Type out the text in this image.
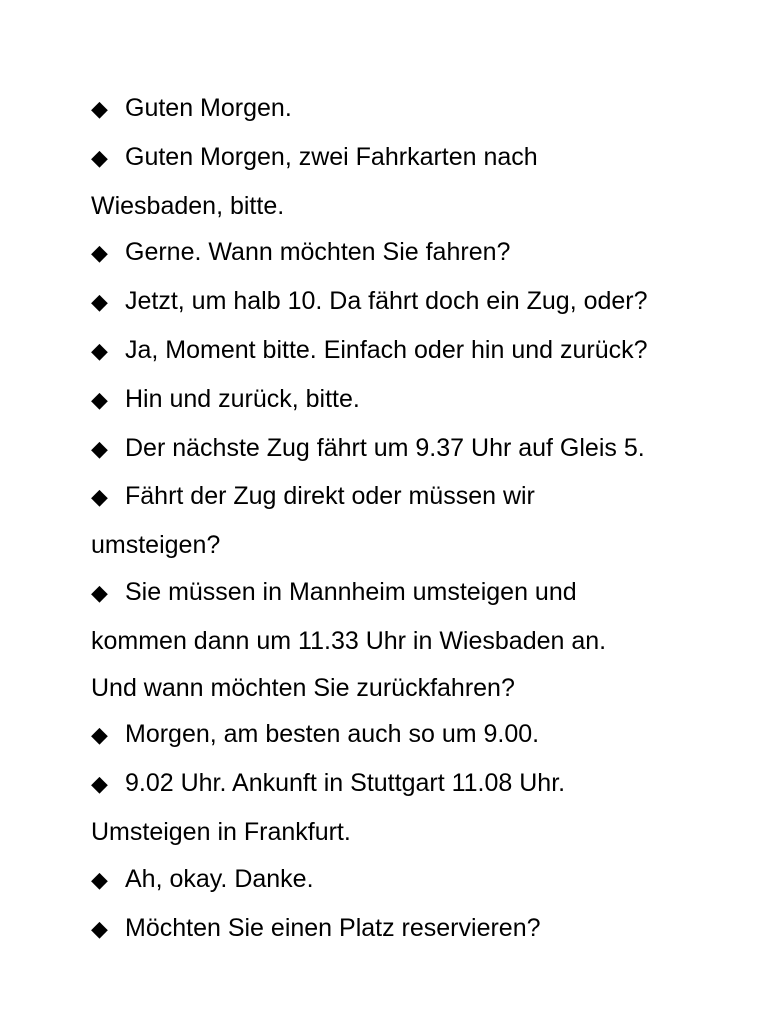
◆ Guten Morgen.
◆ Guten Morgen, zwei Fahrkarten nach
Wiesbaden, bitte.
◆ Gerne. Wann möchten Sie fahren?
◆ Jetzt, um halb 10. Da fährt doch ein Zug, oder?
◆ Ja, Moment bitte. Einfach oder hin und zurück?
◆ Hin und zurück, bitte.
◆ Der nächste Zug fährt um 9.37 Uhr auf Gleis 5.
◆ Fährt der Zug direkt oder müssen wir
umsteigen?
◆ Sie müssen in Mannheim umsteigen und
kommen dann um 11.33 Uhr in Wiesbaden an.
Und wann möchten Sie zurückfahren?
◆ Morgen, am besten auch so um 9.00.
◆ 9.02 Uhr. Ankunft in Stuttgart 11.08 Uhr.
Umsteigen in Frankfurt.
◆ Ah, okay. Danke.
◆ Möchten Sie einen Platz reservieren?
